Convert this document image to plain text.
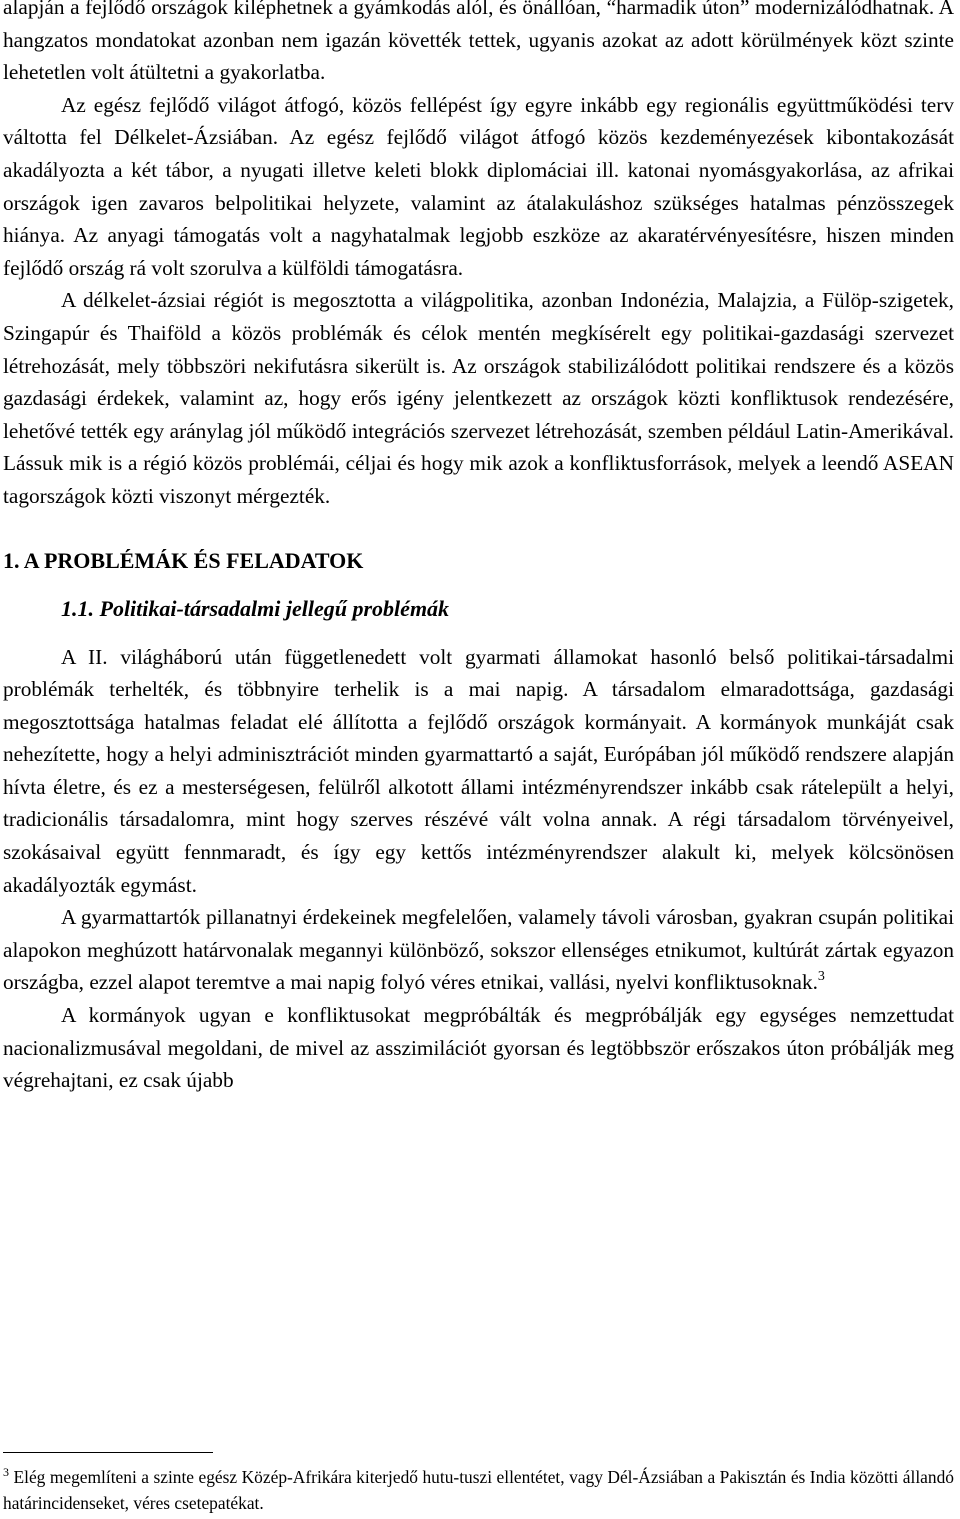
alapján a fejlődő országok kiléphetnek a gyámkodás alól, és önállóan, “harmadik úton” modernizálódhatnak. A hangzatos mondatokat azonban nem igazán követték tettek, ugyanis azokat az adott körülmények közt szinte lehetetlen volt átültetni a gyakorlatba.

Az egész fejlődő világot átfogó, közös fellépést így egyre inkább egy regionális együttműködési terv váltotta fel Délkelet-Ázsiában. Az egész fejlődő világot átfogó közös kezdeményezések kibontakozását akadályozta a két tábor, a nyugati illetve keleti blokk diplomáciai ill. katonai nyomásgyakorlása, az afrikai országok igen zavaros belpolitikai helyzete, valamint az átalakuláshoz szükséges hatalmas pénzösszegek hiánya. Az anyagi támogatás volt a nagyhatalmak legjobb eszköze az akaratérvényesítésre, hiszen minden fejlődő ország rá volt szorulva a külföldi támogatásra.

A délkelet-ázsiai régiót is megosztotta a világpolitika, azonban Indonézia, Malajzia, a Fülöp-szigetek, Szingapúr és Thaiföld a közös problémák és célok mentén megkísérelt egy politikai-gazdasági szervezet létrehozását, mely többszöri nekifutásra sikerült is. Az országok stabilizálódott politikai rendszere és a közös gazdasági érdekek, valamint az, hogy erős igény jelentkezett az országok közti konfliktusok rendezésére, lehetővé tették egy aránylag jól működő integrációs szervezet létrehozását, szemben például Latin-Amerikával. Lássuk mik is a régió közös problémái, céljai és hogy mik azok a konfliktusforrások, melyek a leendő ASEAN tagországok közti viszonyt mérgezték.

1. A PROBLÉMÁK ÉS FELADATOK
1.1. Politikai-társadalmi jellegű problémák

A II. világháború után függetlenedett volt gyarmati államokat hasonló belső politikai-társadalmi problémák terhelték, és többnyire terhelik is a mai napig. A társadalom elmaradottsága, gazdasági megosztottsága hatalmas feladat elé állította a fejlődő országok kormányait. A kormányok munkáját csak nehezítette, hogy a helyi adminisztrációt minden gyarmattartó a saját, Európában jól működő rendszere alapján hívta életre, és ez a mesterségesen, felülről alkotott állami intézményrendszer inkább csak rátelepült a helyi, tradicionális társadalomra, mint hogy szerves részévé vált volna annak. A régi társadalom törvényeivel, szokásaival együtt fennmaradt, és így egy kettős intézményrendszer alakult ki, melyek kölcsönösen akadályozták egymást.

A gyarmattartók pillanatnyi érdekeinek megfelelően, valamely távoli városban, gyakran csupán politikai alapokon meghúzott határvonalak megannyi különböző, sokszor ellenséges etnikumot, kultúrát zártak egyazon országba, ezzel alapot teremtve a mai napig folyó véres etnikai, vallási, nyelvi konfliktusoknak.$^3$

A kormányok ugyan e konfliktusokat megpróbálták és megpróbálják egy egységes nemzettudat nacionalizmusával megoldani, de mivel az asszimilációt gyorsan és legtöbbször erőszakos úton próbálják meg végrehajtani, ez csak újabb

$^3$ Elég megemlíteni a szinte egész Közép-Afrikára kiterjedő hutu-tuszi ellentétet, vagy Dél-Ázsiában a Pakisztán és India közötti állandó határincidenseket, véres csetepatékat.
